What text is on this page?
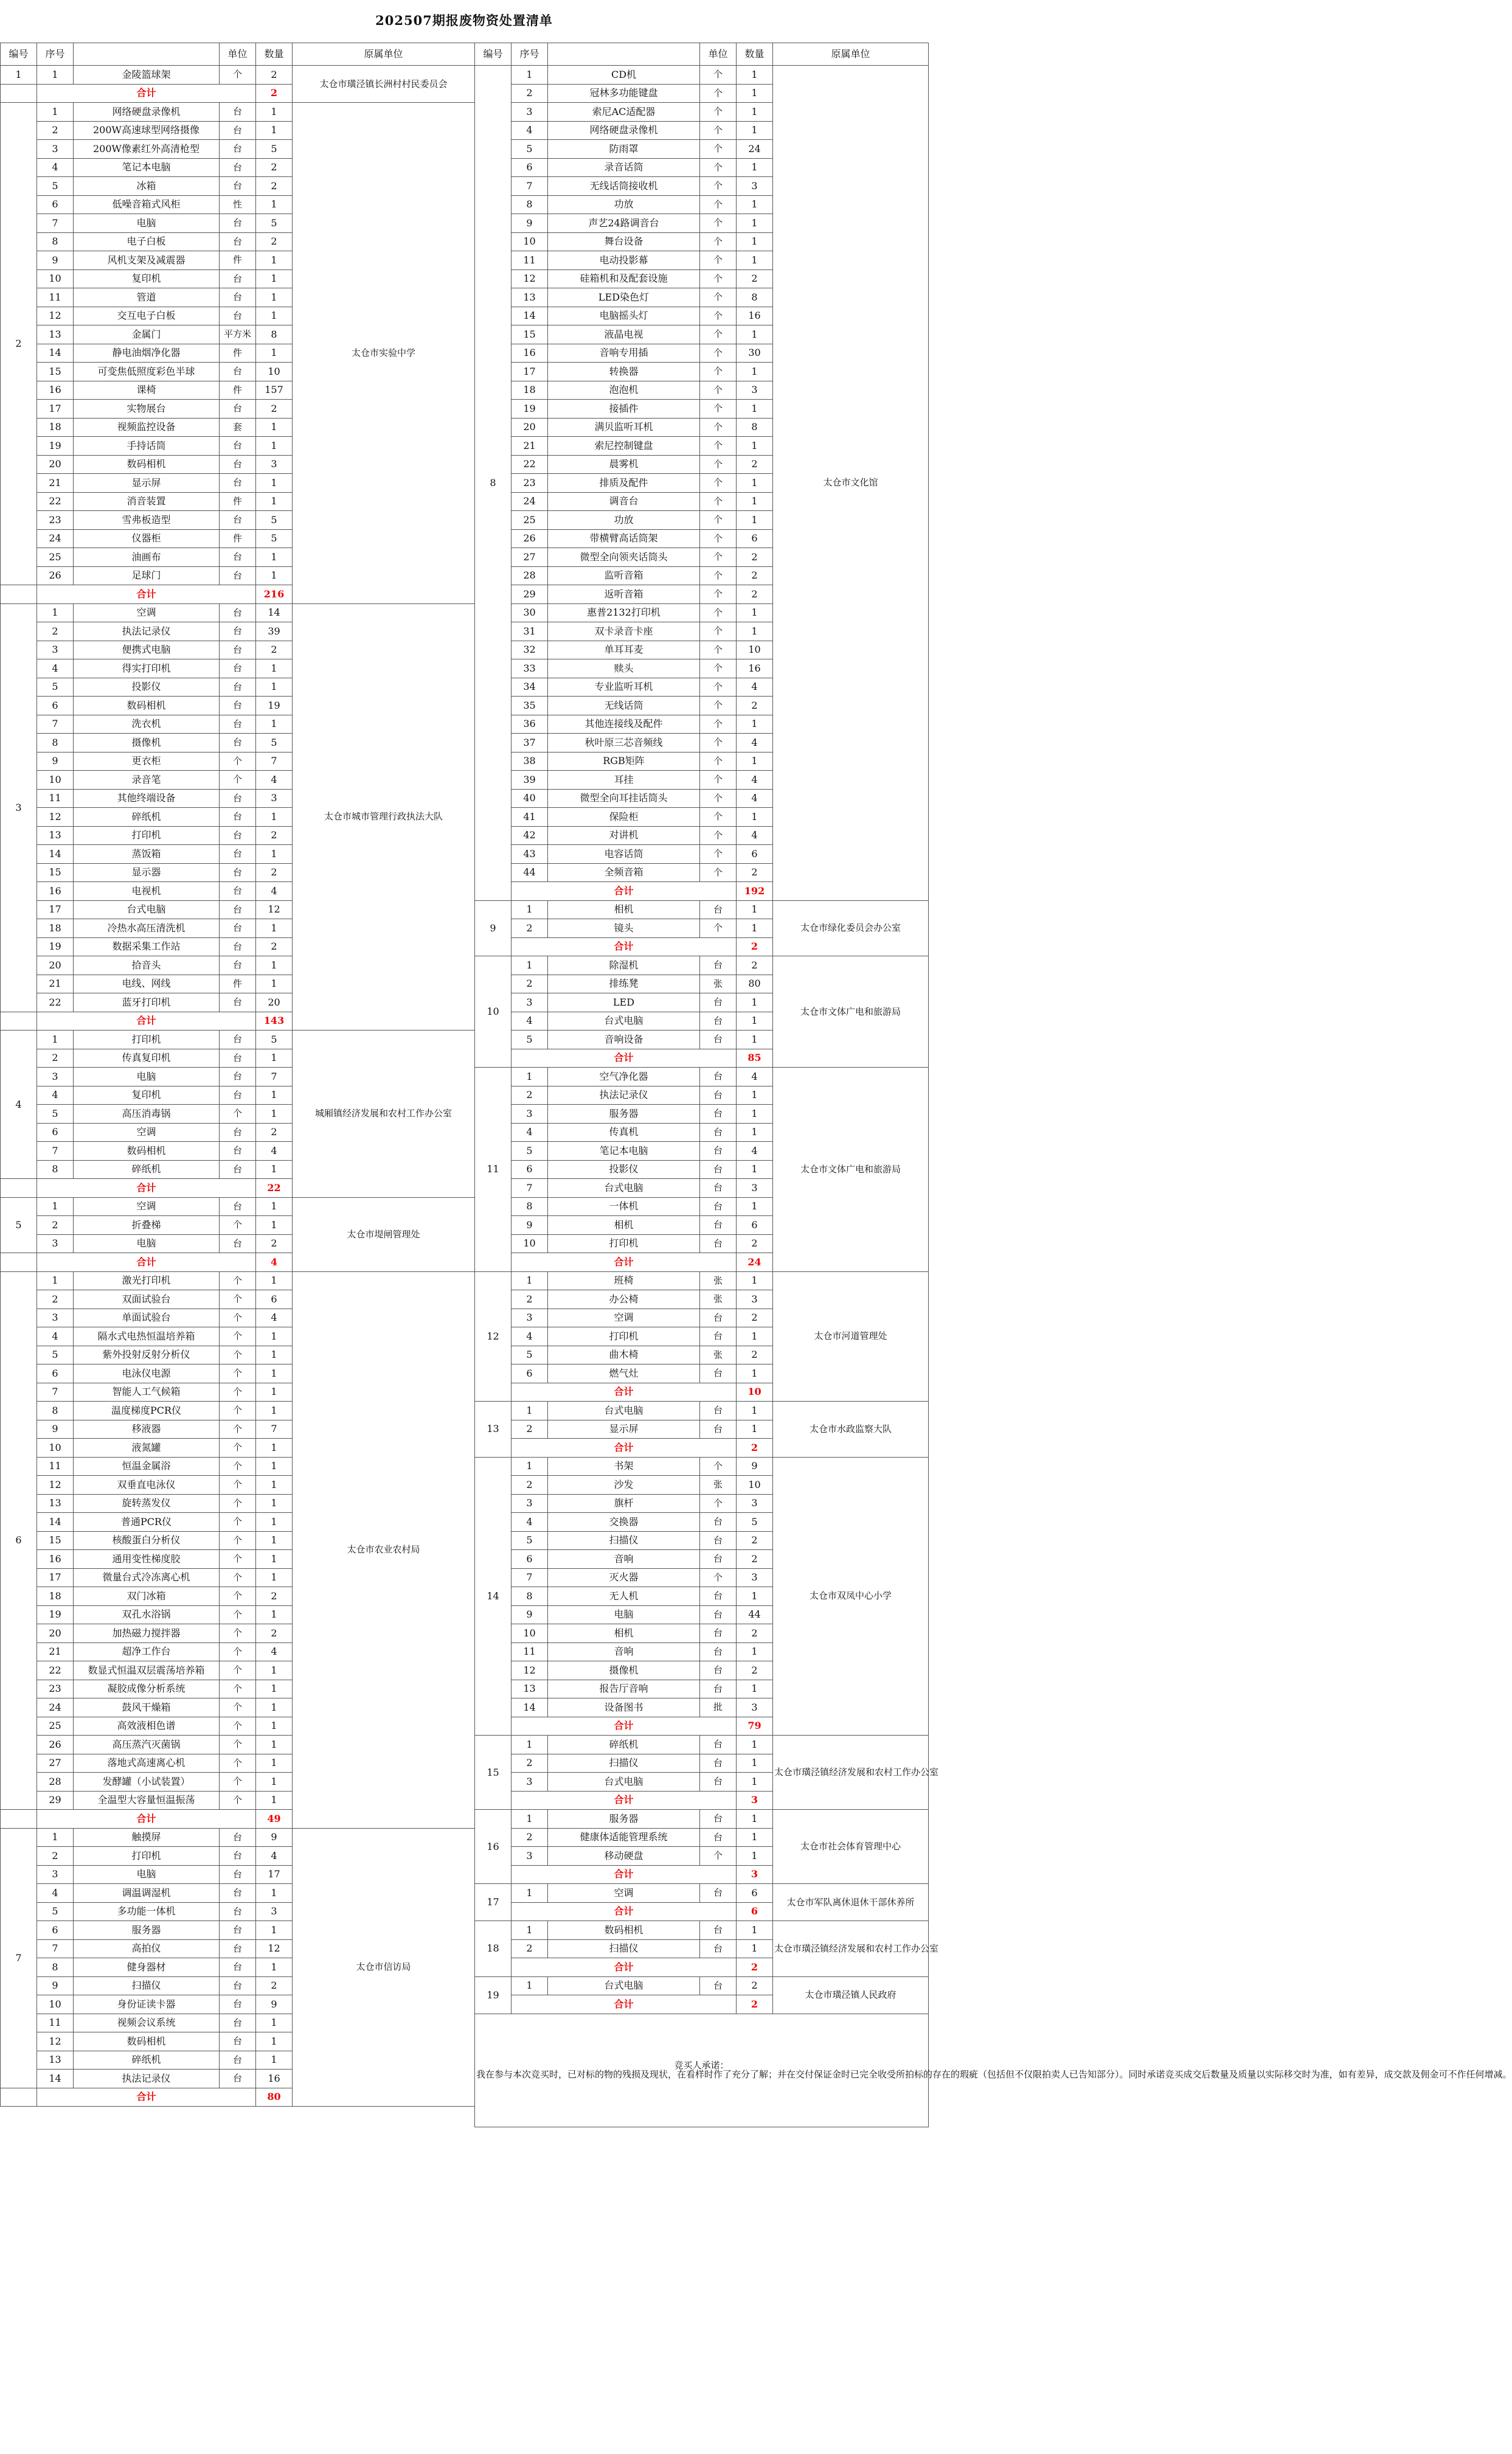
202507期报废物资处置清单
编号	序号		单位	数量	原属单位
1	1	金陵篮球架	个	2	太仓市璜泾镇长洲村村民委员会
	合计			2	
2	1	网络硬盘录像机	台	1	太仓市实验中学
	2	200W高速球型网络摄像	台	1	
	3	200W像素红外高清枪型	台	5	
	4	笔记本电脑	台	2	
	5	冰箱	台	2	
	6	低噪音箱式风柜	性	1	
	7	电脑	台	5	
	8	电子白板	台	2	
	9	风机支架及减震器	件	1	
	10	复印机	台	1	
	11	管道	台	1	
	12	交互电子白板	台	1	
	13	金属门	平方米	8	
	14	静电油烟净化器	件	1	
	15	可变焦低照度彩色半球	台	10	
	16	课椅	件	157	
	17	实物展台	台	2	
	18	视频监控设备	套	1	
	19	手持话筒	台	1	
	20	数码相机	台	3	
	21	显示屏	台	1	
	22	消音装置	件	1	
	23	雪弗板造型	台	5	
	24	仪器柜	件	5	
	25	油画布	台	1	
	26	足球门	台	1	
	合计			216	
3	1	空调	台	14	太仓市城市管理行政执法大队
	2	执法记录仪	台	39	
	3	便携式电脑	台	2	
	4	得实打印机	台	1	
	5	投影仪	台	1	
	6	数码相机	台	19	
	7	洗衣机	台	1	
	8	摄像机	台	5	
	9	更衣柜	个	7	
	10	录音笔	个	4	
	11	其他终端设备	台	3	
	12	碎纸机	台	1	
	13	打印机	台	2	
	14	蒸饭箱	台	1	
	15	显示器	台	2	
	16	电视机	台	4	
	17	台式电脑	台	12	
	18	冷热水高压清洗机	台	1	
	19	数据采集工作站	台	2	
	20	拾音头	台	1	
	21	电线、网线	件	1	
	22	蓝牙打印机	台	20	
	合计			143	
4	1	打印机	台	5	城厢镇经济发展和农村工作办公室
	2	传真复印机	台	1	
	3	电脑	台	7	
	4	复印机	台	1	
	5	高压消毒锅	个	1	
	6	空调	台	2	
	7	数码相机	台	4	
	8	碎纸机	台	1	
	合计			22	
5	1	空调	台	1	太仓市堤闸管理处
	2	折叠梯	个	1	
	3	电脑	台	2	
	合计			4	
6	1	激光打印机	个	1	太仓市农业农村局
	2	双面试验台	个	6	
	3	单面试验台	个	4	
	4	隔水式电热恒温培养箱	个	1	
	5	紫外投射反射分析仪	个	1	
	6	电泳仪电源	个	1	
	7	智能人工气候箱	个	1	
	8	温度梯度PCR仪	个	1	
	9	移液器	个	7	
	10	液氮罐	个	1	
	11	恒温金属浴	个	1	
	12	双垂直电泳仪	个	1	
	13	旋转蒸发仪	个	1	
	14	普通PCR仪	个	1	
	15	核酸蛋白分析仪	个	1	
	16	通用变性梯度胶	个	1	
	17	微量台式冷冻离心机	个	1	
	18	双门冰箱	个	2	
	19	双孔水浴锅	个	1	
	20	加热磁力搅拌器	个	2	
	21	超净工作台	个	4	
	22	数显式恒温双层震荡培养箱	个	1	
	23	凝胶成像分析系统	个	1	
	24	鼓风干燥箱	个	1	
	25	高效液相色谱	个	1	
	26	高压蒸汽灭菌锅	个	1	
	27	落地式高速离心机	个	1	
	28	发酵罐（小试装置）	个	1	
	29	全温型大容量恒温振荡	个	1	
	合计			49	
7	1	触摸屏	台	9	太仓市信访局
	2	打印机	台	4	
	3	电脑	台	17	
	4	调温调湿机	台	1	
	5	多功能一体机	台	3	
	6	服务器	台	1	
	7	高拍仪	台	12	
	8	健身器材	台	1	
	9	扫描仪	台	2	
	10	身份证读卡器	台	9	
	11	视频会议系统	台	1	
	12	数码相机	台	1	
	13	碎纸机	台	1	
	14	执法记录仪	台	16	
	合计			80	
编号	序号		单位	数量	原属单位
8	1	CD机	个	1	太仓市文化馆
	2	冠林多功能键盘	个	1	
	3	索尼AC适配器	个	1	
	4	网络硬盘录像机	个	1	
	5	防雨罩	个	24	
	6	录音话筒	个	1	
	7	无线话筒接收机	个	3	
	8	功放	个	1	
	9	声艺24路调音台	个	1	
	10	舞台设备	个	1	
	11	电动投影幕	个	1	
	12	硅箱机和及配套设施	个	2	
	13	LED染色灯	个	8	
	14	电脑摇头灯	个	16	
	15	液晶电视	个	1	
	16	音响专用插	个	30	
	17	转换器	个	1	
	18	泡泡机	个	3	
	19	接插件	个	1	
	20	满贝监听耳机	个	8	
	21	索尼控制键盘	个	1	
	22	晨雾机	个	2	
	23	排质及配件	个	1	
	24	调音台	个	1	
	25	功放	个	1	
	26	带横臂高话筒架	个	6	
	27	微型全向领夹话筒头	个	2	
	28	监听音箱	个	2	
	29	返听音箱	个	2	
	30	惠普2132打印机	个	1	
	31	双卡录音卡座	个	1	
	32	单耳耳麦	个	10	
	33	赎头	个	16	
	34	专业监听耳机	个	4	
	35	无线话筒	个	2	
	36	其他连接线及配件	个	1	
	37	秋叶原三芯音频线	个	4	
	38	RGB矩阵	个	1	
	39	耳挂	个	4	
	40	微型全向耳挂话筒头	个	4	
	41	保险柜	个	1	
	42	对讲机	个	4	
	43	电容话筒	个	6	
	44	全频音箱	个	2	
	合计			192	
9	1	相机	台	1	太仓市绿化委员会办公室
	2	镜头	个	1	
	合计			2	
10	1	除湿机	台	2	太仓市文体广电和旅游局
	2	排练凳	张	80	
	3	LED	台	1	
	4	台式电脑	台	1	
	5	音响设备	台	1	
	合计			85	
11	1	空气净化器	台	4	太仓市文体广电和旅游局
	2	执法记录仪	台	1	
	3	服务器	台	1	
	4	传真机	台	1	
	5	笔记本电脑	台	4	
	6	投影仪	台	1	
	7	台式电脑	台	3	
	8	一体机	台	1	
	9	相机	台	6	
	10	打印机	台	2	
	合计			24	
12	1	班椅	张	1	太仓市河道管理处
	2	办公椅	张	3	
	3	空调	台	2	
	4	打印机	台	1	
	5	曲木椅	张	2	
	6	燃气灶	台	1	
	合计			10	
13	1	台式电脑	台	1	太仓市水政监察大队
	2	显示屏	台	1	
	合计			2	
14	1	书架	个	9	太仓市双凤中心小学
	2	沙发	张	10	
	3	旗杆	个	3	
	4	交换器	台	5	
	5	扫描仪	台	2	
	6	音响	台	2	
	7	灭火器	个	3	
	8	无人机	台	1	
	9	电脑	台	44	
	10	相机	台	2	
	11	音响	台	1	
	12	摄像机	台	2	
	13	报告厅音响	台	1	
	14	设备图书	批	3	
	合计			79	
15	1	碎纸机	台	1	太仓市璜泾镇经济发展和农村工作办公室
	2	扫描仪	台	1	
	3	台式电脑	台	1	
	合计			3	
16	1	服务器	台	1	太仓市社会体育管理中心
	2	健康体适能管理系统	台	1	
	3	移动硬盘	个	1	
	合计			3	
17	1	空调	台	6	太仓市军队离休退休干部休养所
	合计			6	
18	1	数码相机	台	1	太仓市璜泾镇经济发展和农村工作办公室
	2	扫描仪	台	1	
	合计			2	
19	1	台式电脑	台	2	太仓市璜泾镇人民政府
	合计			2	

竞买人承诺：
我在参与本次竞买时，已对标的物的残损及现状，在看样时作了充分了解；并在交付保证金时已完全收受所拍标的存在的瑕疵（包括但不仅限拍卖人已告知部分）。同时承诺竞买成交后数量及质量以实际移交时为准，如有差异，成交款及佣金可不作任何增减。					
